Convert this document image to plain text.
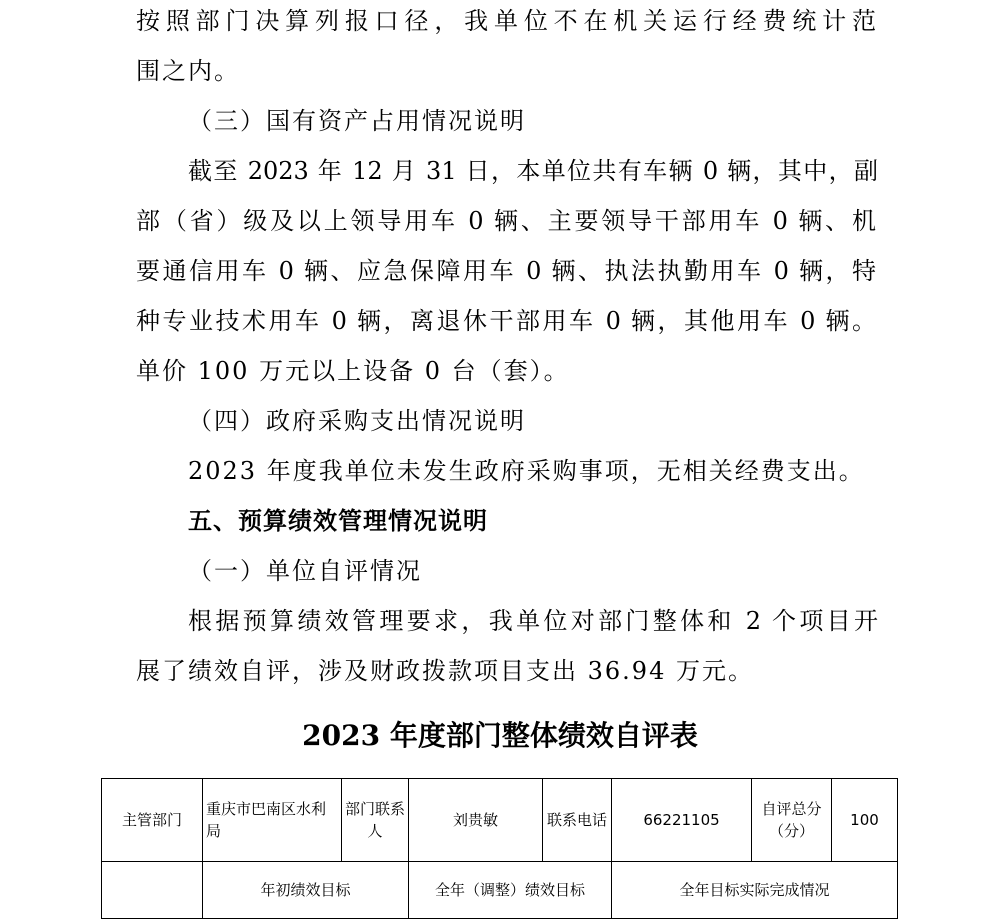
按照部门决算列报口径，我单位不在机关运行经费统计范
围之内。
（三）国有资产占用情况说明
截至 2023 年 12 月 31 日，本单位共有车辆 0 辆，其中，副
部（省）级及以上领导用车 0 辆、主要领导干部用车 0 辆、机
要通信用车 0 辆、应急保障用车 0 辆、执法执勤用车 0 辆，特
种专业技术用车 0 辆，离退休干部用车 0 辆，其他用车 0 辆。
单价 100 万元以上设备 0 台（套）。
（四）政府采购支出情况说明
2023 年度我单位未发生政府采购事项，无相关经费支出。
五、预算绩效管理情况说明
（一）单位自评情况
根据预算绩效管理要求，我单位对部门整体和 2 个项目开
展了绩效自评，涉及财政拨款项目支出 36.94 万元。
2023 年度部门整体绩效自评表
主管部门	重庆市巴南区水利局	部门联系人	刘贵敏	联系电话	66221105	自评总分（分）	100
	年初绩效目标		全年（调整）绩效目标		全年目标实际完成情况		
